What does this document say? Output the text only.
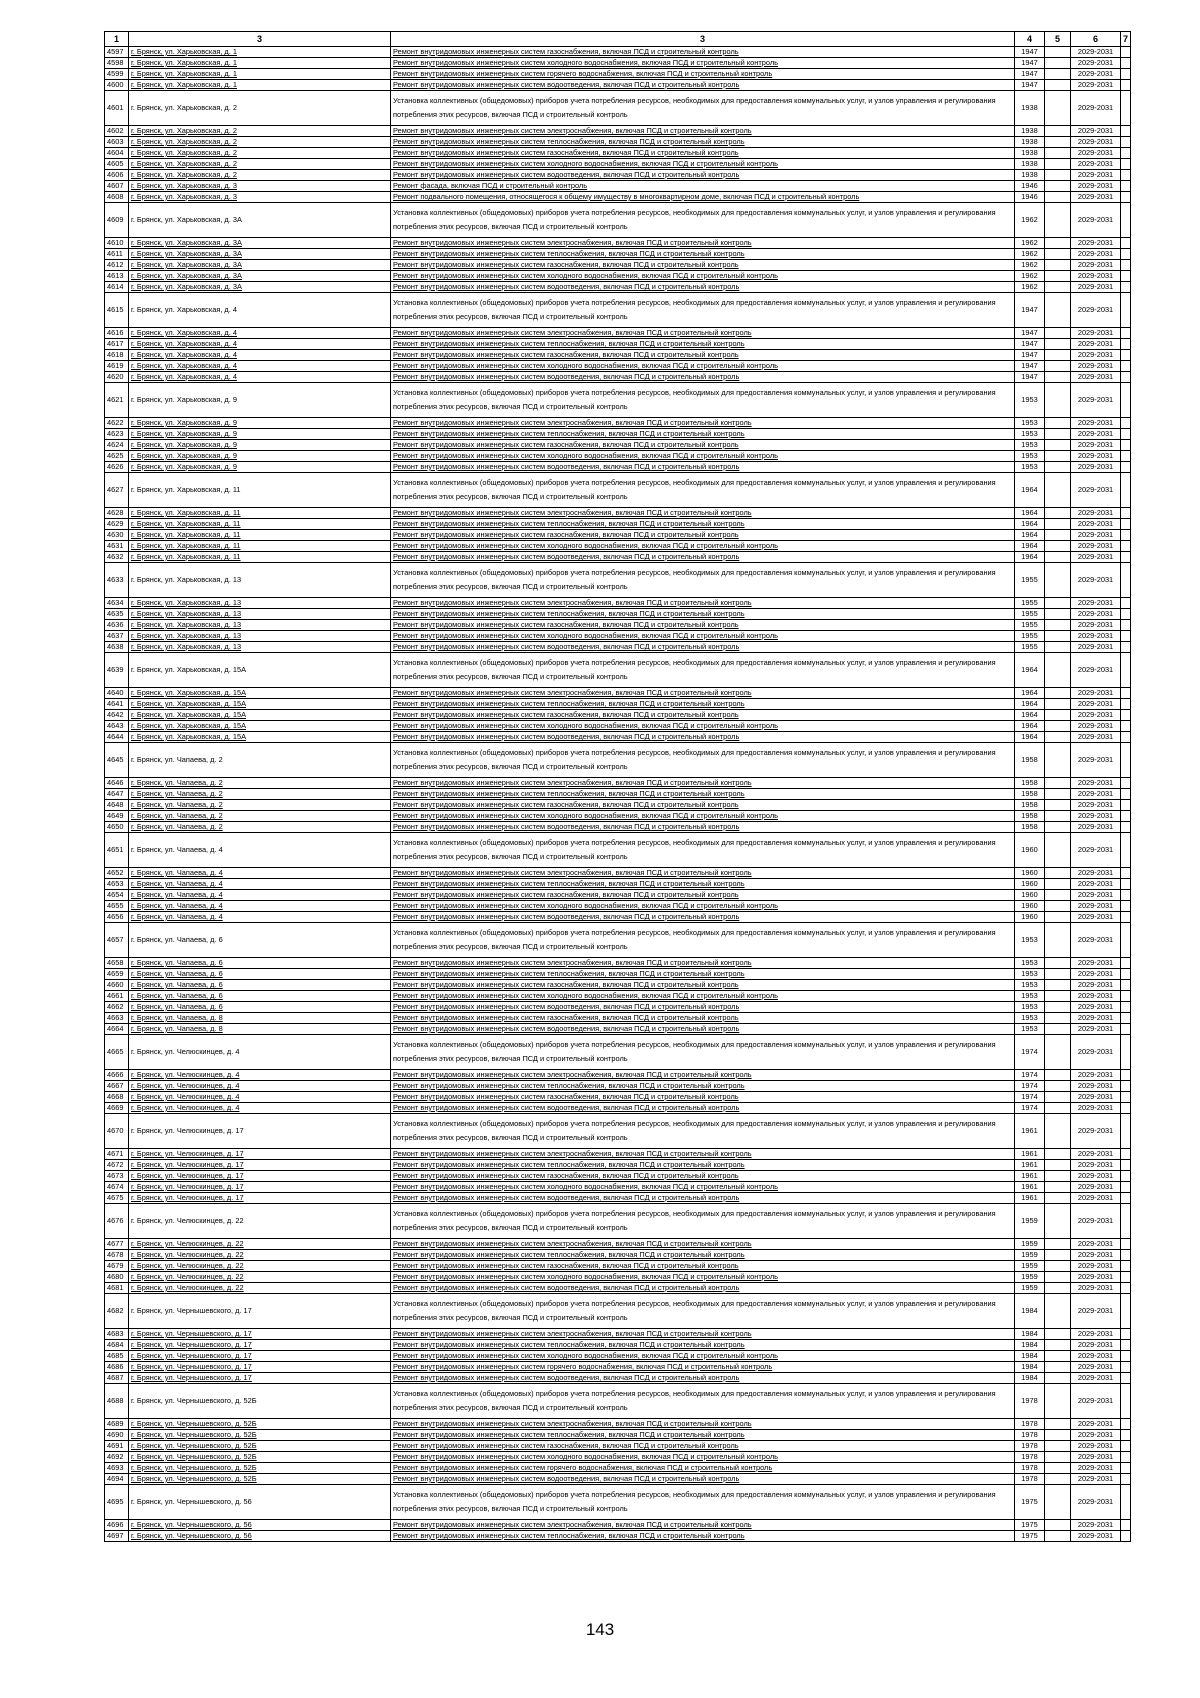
1	3	3	4	5	6	7
4597	г. Брянск, ул. Харьковская, д. 1	Ремонт внутридомовых инженерных систем газоснабжения, включая ПСД и строительный контроль	1947		2029-2031	
4598	г. Брянск, ул. Харьковская, д. 1	Ремонт внутридомовых инженерных систем холодного водоснабжения, включая ПСД и строительный контроль	1947		2029-2031	
4599	г. Брянск, ул. Харьковская, д. 1	Ремонт внутридомовых инженерных систем горячего водоснабжения, включая ПСД и строительный контроль	1947		2029-2031	
4600	г. Брянск, ул. Харьковская, д. 1	Ремонт внутридомовых инженерных систем водоотведения, включая ПСД и строительный контроль	1947		2029-2031	
4601	г. Брянск, ул. Харьковская, д. 2	Установка коллективных (общедомовых) приборов учета потребления ресурсов, необходимых для предоставления коммунальных услуг, и узлов управления и регулирования потребления этих ресурсов, включая ПСД и строительный контроль	1938		2029-2031	
4602	г. Брянск, ул. Харьковская, д. 2	Ремонт внутридомовых инженерных систем электроснабжения, включая ПСД и строительный контроль	1938		2029-2031	
4603	г. Брянск, ул. Харьковская, д. 2	Ремонт внутридомовых инженерных систем теплоснабжения, включая ПСД и строительный контроль	1938		2029-2031	
4604	г. Брянск, ул. Харьковская, д. 2	Ремонт внутридомовых инженерных систем газоснабжения, включая ПСД и строительный контроль	1938		2029-2031	
4605	г. Брянск, ул. Харьковская, д. 2	Ремонт внутридомовых инженерных систем холодного водоснабжения, включая ПСД и строительный контроль	1938		2029-2031	
4606	г. Брянск, ул. Харьковская, д. 2	Ремонт внутридомовых инженерных систем водоотведения, включая ПСД и строительный контроль	1938		2029-2031	
4607	г. Брянск, ул. Харьковская, д. 3	Ремонт фасада, включая ПСД и строительный контроль	1946		2029-2031	
4608	г. Брянск, ул. Харьковская, д. 3	Ремонт подвального помещения, относящегося к общему имуществу в многоквартирном доме, включая ПСД и строительный контроль	1946		2029-2031	
4609	г. Брянск, ул. Харьковская, д. 3А	Установка коллективных (общедомовых) приборов учета потребления ресурсов, необходимых для предоставления коммунальных услуг, и узлов управления и регулирования потребления этих ресурсов, включая ПСД и строительный контроль	1962		2029-2031	
4610	г. Брянск, ул. Харьковская, д. 3А	Ремонт внутридомовых инженерных систем электроснабжения, включая ПСД и строительный контроль	1962		2029-2031	
4611	г. Брянск, ул. Харьковская, д. 3А	Ремонт внутридомовых инженерных систем теплоснабжения, включая ПСД и строительный контроль	1962		2029-2031	
4612	г. Брянск, ул. Харьковская, д. 3А	Ремонт внутридомовых инженерных систем газоснабжения, включая ПСД и строительный контроль	1962		2029-2031	
4613	г. Брянск, ул. Харьковская, д. 3А	Ремонт внутридомовых инженерных систем холодного водоснабжения, включая ПСД и строительный контроль	1962		2029-2031	
4614	г. Брянск, ул. Харьковская, д. 3А	Ремонт внутридомовых инженерных систем водоотведения, включая ПСД и строительный контроль	1962		2029-2031	
4615	г. Брянск, ул. Харьковская, д. 4	Установка коллективных (общедомовых) приборов учета потребления ресурсов, необходимых для предоставления коммунальных услуг, и узлов управления и регулирования потребления этих ресурсов, включая ПСД и строительный контроль	1947		2029-2031	
4616	г. Брянск, ул. Харьковская, д. 4	Ремонт внутридомовых инженерных систем электроснабжения, включая ПСД и строительный контроль	1947		2029-2031	
4617	г. Брянск, ул. Харьковская, д. 4	Ремонт внутридомовых инженерных систем теплоснабжения, включая ПСД и строительный контроль	1947		2029-2031	
4618	г. Брянск, ул. Харьковская, д. 4	Ремонт внутридомовых инженерных систем газоснабжения, включая ПСД и строительный контроль	1947		2029-2031	
4619	г. Брянск, ул. Харьковская, д. 4	Ремонт внутридомовых инженерных систем холодного водоснабжения, включая ПСД и строительный контроль	1947		2029-2031	
4620	г. Брянск, ул. Харьковская, д. 4	Ремонт внутридомовых инженерных систем водоотведения, включая ПСД и строительный контроль	1947		2029-2031	
4621	г. Брянск, ул. Харьковская, д. 9	Установка коллективных (общедомовых) приборов учета потребления ресурсов, необходимых для предоставления коммунальных услуг, и узлов управления и регулирования потребления этих ресурсов, включая ПСД и строительный контроль	1953		2029-2031	
4622	г. Брянск, ул. Харьковская, д. 9	Ремонт внутридомовых инженерных систем электроснабжения, включая ПСД и строительный контроль	1953		2029-2031	
4623	г. Брянск, ул. Харьковская, д. 9	Ремонт внутридомовых инженерных систем теплоснабжения, включая ПСД и строительный контроль	1953		2029-2031	
4624	г. Брянск, ул. Харьковская, д. 9	Ремонт внутридомовых инженерных систем газоснабжения, включая ПСД и строительный контроль	1953		2029-2031	
4625	г. Брянск, ул. Харьковская, д. 9	Ремонт внутридомовых инженерных систем холодного водоснабжения, включая ПСД и строительный контроль	1953		2029-2031	
4626	г. Брянск, ул. Харьковская, д. 9	Ремонт внутридомовых инженерных систем водоотведения, включая ПСД и строительный контроль	1953		2029-2031	
4627	г. Брянск, ул. Харьковская, д. 11	Установка коллективных (общедомовых) приборов учета потребления ресурсов, необходимых для предоставления коммунальных услуг, и узлов управления и регулирования потребления этих ресурсов, включая ПСД и строительный контроль	1964		2029-2031	
4628	г. Брянск, ул. Харьковская, д. 11	Ремонт внутридомовых инженерных систем электроснабжения, включая ПСД и строительный контроль	1964		2029-2031	
4629	г. Брянск, ул. Харьковская, д. 11	Ремонт внутридомовых инженерных систем теплоснабжения, включая ПСД и строительный контроль	1964		2029-2031	
4630	г. Брянск, ул. Харьковская, д. 11	Ремонт внутридомовых инженерных систем газоснабжения, включая ПСД и строительный контроль	1964		2029-2031	
4631	г. Брянск, ул. Харьковская, д. 11	Ремонт внутридомовых инженерных систем холодного водоснабжения, включая ПСД и строительный контроль	1964		2029-2031	
4632	г. Брянск, ул. Харьковская, д. 11	Ремонт внутридомовых инженерных систем водоотведения, включая ПСД и строительный контроль	1964		2029-2031	
4633	г. Брянск, ул. Харьковская, д. 13	Установка коллективных (общедомовых) приборов учета потребления ресурсов, необходимых для предоставления коммунальных услуг, и узлов управления и регулирования потребления этих ресурсов, включая ПСД и строительный контроль	1955		2029-2031	
4634	г. Брянск, ул. Харьковская, д. 13	Ремонт внутридомовых инженерных систем электроснабжения, включая ПСД и строительный контроль	1955		2029-2031	
4635	г. Брянск, ул. Харьковская, д. 13	Ремонт внутридомовых инженерных систем теплоснабжения, включая ПСД и строительный контроль	1955		2029-2031	
4636	г. Брянск, ул. Харьковская, д. 13	Ремонт внутридомовых инженерных систем газоснабжения, включая ПСД и строительный контроль	1955		2029-2031	
4637	г. Брянск, ул. Харьковская, д. 13	Ремонт внутридомовых инженерных систем холодного водоснабжения, включая ПСД и строительный контроль	1955		2029-2031	
4638	г. Брянск, ул. Харьковская, д. 13	Ремонт внутридомовых инженерных систем водоотведения, включая ПСД и строительный контроль	1955		2029-2031	
4639	г. Брянск, ул. Харьковская, д. 15А	Установка коллективных (общедомовых) приборов учета потребления ресурсов, необходимых для предоставления коммунальных услуг, и узлов управления и регулирования потребления этих ресурсов, включая ПСД и строительный контроль	1964		2029-2031	
4640	г. Брянск, ул. Харьковская, д. 15А	Ремонт внутридомовых инженерных систем электроснабжения, включая ПСД и строительный контроль	1964		2029-2031	
4641	г. Брянск, ул. Харьковская, д. 15А	Ремонт внутридомовых инженерных систем теплоснабжения, включая ПСД и строительный контроль	1964		2029-2031	
4642	г. Брянск, ул. Харьковская, д. 15А	Ремонт внутридомовых инженерных систем газоснабжения, включая ПСД и строительный контроль	1964		2029-2031	
4643	г. Брянск, ул. Харьковская, д. 15А	Ремонт внутридомовых инженерных систем холодного водоснабжения, включая ПСД и строительный контроль	1964		2029-2031	
4644	г. Брянск, ул. Харьковская, д. 15А	Ремонт внутридомовых инженерных систем водоотведения, включая ПСД и строительный контроль	1964		2029-2031	
4645	г. Брянск, ул. Чапаева, д. 2	Установка коллективных (общедомовых) приборов учета потребления ресурсов, необходимых для предоставления коммунальных услуг, и узлов управления и регулирования потребления этих ресурсов, включая ПСД и строительный контроль	1958		2029-2031	
4646	г. Брянск, ул. Чапаева, д. 2	Ремонт внутридомовых инженерных систем электроснабжения, включая ПСД и строительный контроль	1958		2029-2031	
4647	г. Брянск, ул. Чапаева, д. 2	Ремонт внутридомовых инженерных систем теплоснабжения, включая ПСД и строительный контроль	1958		2029-2031	
4648	г. Брянск, ул. Чапаева, д. 2	Ремонт внутридомовых инженерных систем газоснабжения, включая ПСД и строительный контроль	1958		2029-2031	
4649	г. Брянск, ул. Чапаева, д. 2	Ремонт внутридомовых инженерных систем холодного водоснабжения, включая ПСД и строительный контроль	1958		2029-2031	
4650	г. Брянск, ул. Чапаева, д. 2	Ремонт внутридомовых инженерных систем водоотведения, включая ПСД и строительный контроль	1958		2029-2031	
4651	г. Брянск, ул. Чапаева, д. 4	Установка коллективных (общедомовых) приборов учета потребления ресурсов, необходимых для предоставления коммунальных услуг, и узлов управления и регулирования потребления этих ресурсов, включая ПСД и строительный контроль	1960		2029-2031	
4652	г. Брянск, ул. Чапаева, д. 4	Ремонт внутридомовых инженерных систем электроснабжения, включая ПСД и строительный контроль	1960		2029-2031	
4653	г. Брянск, ул. Чапаева, д. 4	Ремонт внутридомовых инженерных систем теплоснабжения, включая ПСД и строительный контроль	1960		2029-2031	
4654	г. Брянск, ул. Чапаева, д. 4	Ремонт внутридомовых инженерных систем газоснабжения, включая ПСД и строительный контроль	1960		2029-2031	
4655	г. Брянск, ул. Чапаева, д. 4	Ремонт внутридомовых инженерных систем холодного водоснабжения, включая ПСД и строительный контроль	1960		2029-2031	
4656	г. Брянск, ул. Чапаева, д. 4	Ремонт внутридомовых инженерных систем водоотведения, включая ПСД и строительный контроль	1960		2029-2031	
4657	г. Брянск, ул. Чапаева, д. 6	Установка коллективных (общедомовых) приборов учета потребления ресурсов, необходимых для предоставления коммунальных услуг, и узлов управления и регулирования потребления этих ресурсов, включая ПСД и строительный контроль	1953		2029-2031	
4658	г. Брянск, ул. Чапаева, д. 6	Ремонт внутридомовых инженерных систем электроснабжения, включая ПСД и строительный контроль	1953		2029-2031	
4659	г. Брянск, ул. Чапаева, д. 6	Ремонт внутридомовых инженерных систем теплоснабжения, включая ПСД и строительный контроль	1953		2029-2031	
4660	г. Брянск, ул. Чапаева, д. 6	Ремонт внутридомовых инженерных систем газоснабжения, включая ПСД и строительный контроль	1953		2029-2031	
4661	г. Брянск, ул. Чапаева, д. 6	Ремонт внутридомовых инженерных систем холодного водоснабжения, включая ПСД и строительный контроль	1953		2029-2031	
4662	г. Брянск, ул. Чапаева, д. 6	Ремонт внутридомовых инженерных систем водоотведения, включая ПСД и строительный контроль	1953		2029-2031	
4663	г. Брянск, ул. Чапаева, д. 8	Ремонт внутридомовых инженерных систем газоснабжения, включая ПСД и строительный контроль	1953		2029-2031	
4664	г. Брянск, ул. Чапаева, д. 8	Ремонт внутридомовых инженерных систем водоотведения, включая ПСД и строительный контроль	1953		2029-2031	
4665	г. Брянск, ул. Челюскинцев, д. 4	Установка коллективных (общедомовых) приборов учета потребления ресурсов, необходимых для предоставления коммунальных услуг, и узлов управления и регулирования потребления этих ресурсов, включая ПСД и строительный контроль	1974		2029-2031	
4666	г. Брянск, ул. Челюскинцев, д. 4	Ремонт внутридомовых инженерных систем электроснабжения, включая ПСД и строительный контроль	1974		2029-2031	
4667	г. Брянск, ул. Челюскинцев, д. 4	Ремонт внутридомовых инженерных систем теплоснабжения, включая ПСД и строительный контроль	1974		2029-2031	
4668	г. Брянск, ул. Челюскинцев, д. 4	Ремонт внутридомовых инженерных систем газоснабжения, включая ПСД и строительный контроль	1974		2029-2031	
4669	г. Брянск, ул. Челюскинцев, д. 4	Ремонт внутридомовых инженерных систем водоотведения, включая ПСД и строительный контроль	1974		2029-2031	
4670	г. Брянск, ул. Челюскинцев, д. 17	Установка коллективных (общедомовых) приборов учета потребления ресурсов, необходимых для предоставления коммунальных услуг, и узлов управления и регулирования потребления этих ресурсов, включая ПСД и строительный контроль	1961		2029-2031	
4671	г. Брянск, ул. Челюскинцев, д. 17	Ремонт внутридомовых инженерных систем электроснабжения, включая ПСД и строительный контроль	1961		2029-2031	
4672	г. Брянск, ул. Челюскинцев, д. 17	Ремонт внутридомовых инженерных систем теплоснабжения, включая ПСД и строительный контроль	1961		2029-2031	
4673	г. Брянск, ул. Челюскинцев, д. 17	Ремонт внутридомовых инженерных систем газоснабжения, включая ПСД и строительный контроль	1961		2029-2031	
4674	г. Брянск, ул. Челюскинцев, д. 17	Ремонт внутридомовых инженерных систем холодного водоснабжения, включая ПСД и строительный контроль	1961		2029-2031	
4675	г. Брянск, ул. Челюскинцев, д. 17	Ремонт внутридомовых инженерных систем водоотведения, включая ПСД и строительный контроль	1961		2029-2031	
4676	г. Брянск, ул. Челюскинцев, д. 22	Установка коллективных (общедомовых) приборов учета потребления ресурсов, необходимых для предоставления коммунальных услуг, и узлов управления и регулирования потребления этих ресурсов, включая ПСД и строительный контроль	1959		2029-2031	
4677	г. Брянск, ул. Челюскинцев, д. 22	Ремонт внутридомовых инженерных систем электроснабжения, включая ПСД и строительный контроль	1959		2029-2031	
4678	г. Брянск, ул. Челюскинцев, д. 22	Ремонт внутридомовых инженерных систем теплоснабжения, включая ПСД и строительный контроль	1959		2029-2031	
4679	г. Брянск, ул. Челюскинцев, д. 22	Ремонт внутридомовых инженерных систем газоснабжения, включая ПСД и строительный контроль	1959		2029-2031	
4680	г. Брянск, ул. Челюскинцев, д. 22	Ремонт внутридомовых инженерных систем холодного водоснабжения, включая ПСД и строительный контроль	1959		2029-2031	
4681	г. Брянск, ул. Челюскинцев, д. 22	Ремонт внутридомовых инженерных систем водоотведения, включая ПСД и строительный контроль	1959		2029-2031	
4682	г. Брянск, ул. Чернышевского, д. 17	Установка коллективных (общедомовых) приборов учета потребления ресурсов, необходимых для предоставления коммунальных услуг, и узлов управления и регулирования потребления этих ресурсов, включая ПСД и строительный контроль	1984		2029-2031	
4683	г. Брянск, ул. Чернышевского, д. 17	Ремонт внутридомовых инженерных систем электроснабжения, включая ПСД и строительный контроль	1984		2029-2031	
4684	г. Брянск, ул. Чернышевского, д. 17	Ремонт внутридомовых инженерных систем теплоснабжения, включая ПСД и строительный контроль	1984		2029-2031	
4685	г. Брянск, ул. Чернышевского, д. 17	Ремонт внутридомовых инженерных систем холодного водоснабжения, включая ПСД и строительный контроль	1984		2029-2031	
4686	г. Брянск, ул. Чернышевского, д. 17	Ремонт внутридомовых инженерных систем горячего водоснабжения, включая ПСД и строительный контроль	1984		2029-2031	
4687	г. Брянск, ул. Чернышевского, д. 17	Ремонт внутридомовых инженерных систем водоотведения, включая ПСД и строительный контроль	1984		2029-2031	
4688	г. Брянск, ул. Чернышевского, д. 52Б	Установка коллективных (общедомовых) приборов учета потребления ресурсов, необходимых для предоставления коммунальных услуг, и узлов управления и регулирования потребления этих ресурсов, включая ПСД и строительный контроль	1978		2029-2031	
4689	г. Брянск, ул. Чернышевского, д. 52Б	Ремонт внутридомовых инженерных систем электроснабжения, включая ПСД и строительный контроль	1978		2029-2031	
4690	г. Брянск, ул. Чернышевского, д. 52Б	Ремонт внутридомовых инженерных систем теплоснабжения, включая ПСД и строительный контроль	1978		2029-2031	
4691	г. Брянск, ул. Чернышевского, д. 52Б	Ремонт внутридомовых инженерных систем газоснабжения, включая ПСД и строительный контроль	1978		2029-2031	
4692	г. Брянск, ул. Чернышевского, д. 52Б	Ремонт внутридомовых инженерных систем холодного водоснабжения, включая ПСД и строительный контроль	1978		2029-2031	
4693	г. Брянск, ул. Чернышевского, д. 52Б	Ремонт внутридомовых инженерных систем горячего водоснабжения, включая ПСД и строительный контроль	1978		2029-2031	
4694	г. Брянск, ул. Чернышевского, д. 52Б	Ремонт внутридомовых инженерных систем водоотведения, включая ПСД и строительный контроль	1978		2029-2031	
4695	г. Брянск, ул. Чернышевского, д. 56	Установка коллективных (общедомовых) приборов учета потребления ресурсов, необходимых для предоставления коммунальных услуг, и узлов управления и регулирования потребления этих ресурсов, включая ПСД и строительный контроль	1975		2029-2031	
4696	г. Брянск, ул. Чернышевского, д. 56	Ремонт внутридомовых инженерных систем электроснабжения, включая ПСД и строительный контроль	1975		2029-2031	
4697	г. Брянск, ул. Чернышевского, д. 56	Ремонт внутридомовых инженерных систем теплоснабжения, включая ПСД и строительный контроль	1975		2029-2031	
143
